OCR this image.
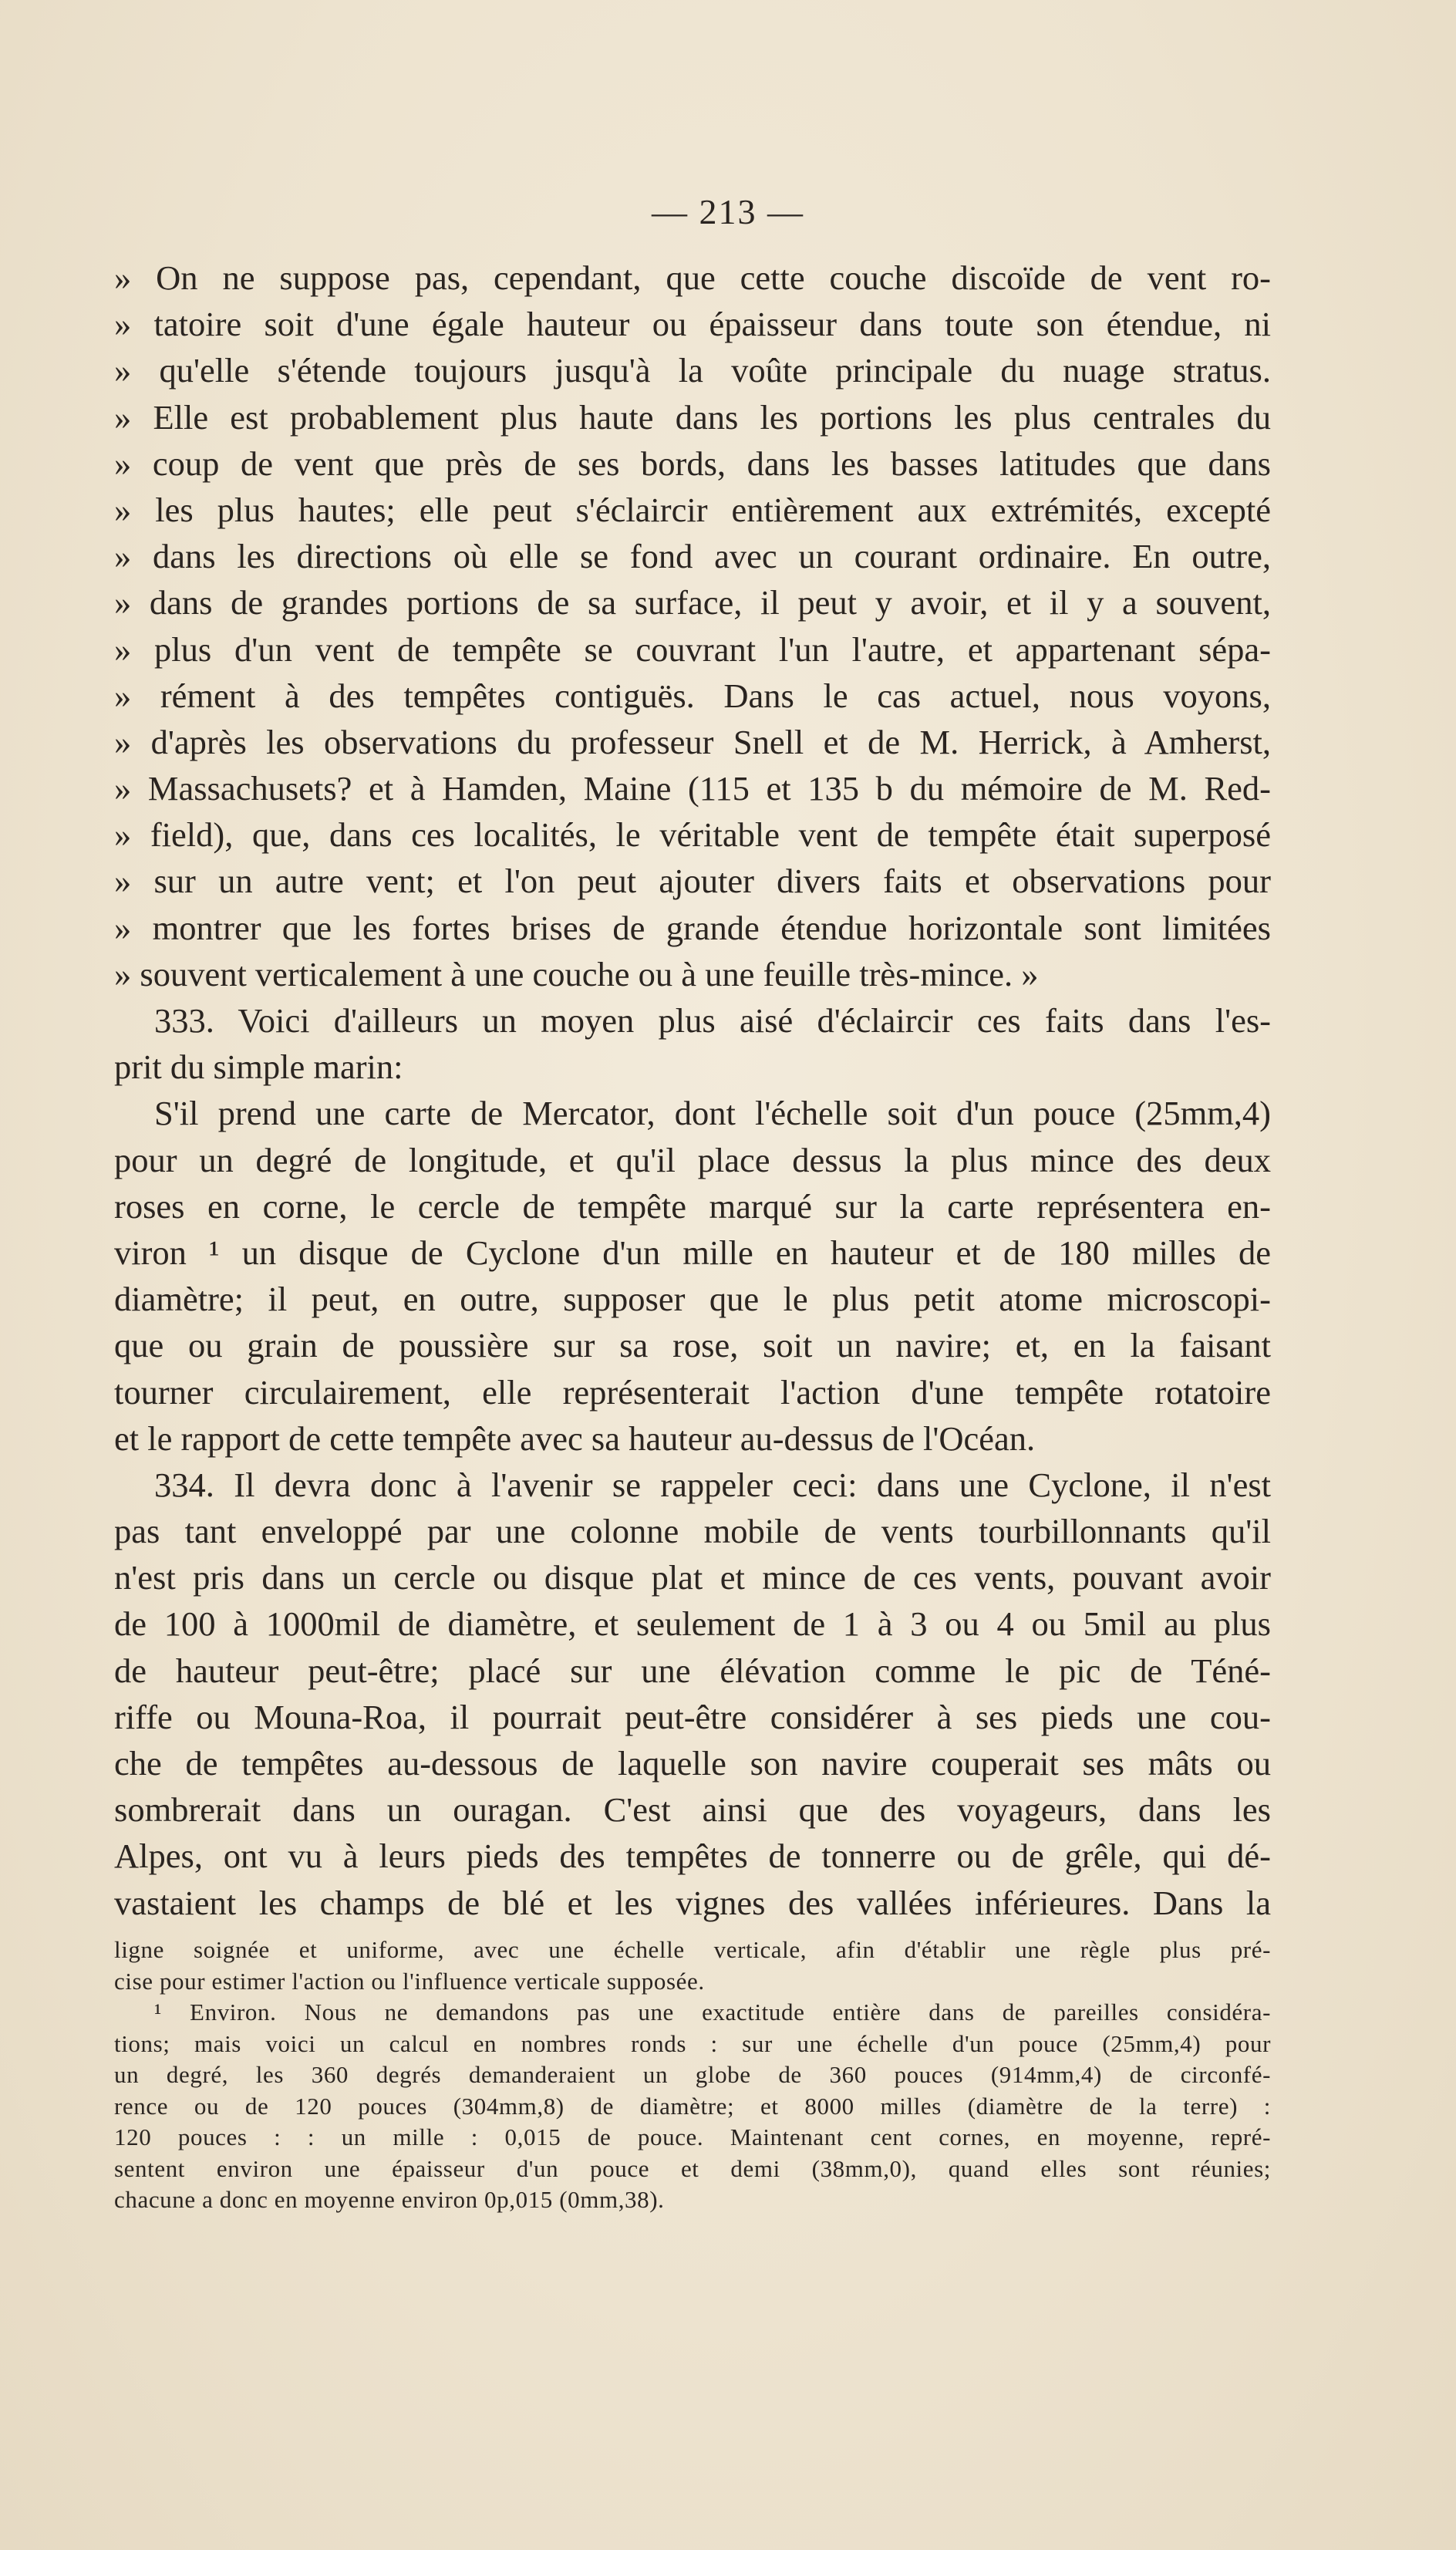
— 213 —
» On ne suppose pas, cependant, que cette couche discoïde de vent ro-
» tatoire soit d'une égale hauteur ou épaisseur dans toute son étendue, ni
» qu'elle s'étende toujours jusqu'à la voûte principale du nuage stratus.
» Elle est probablement plus haute dans les portions les plus centrales du
» coup de vent que près de ses bords, dans les basses latitudes que dans
» les plus hautes; elle peut s'éclaircir entièrement aux extrémités, excepté
» dans les directions où elle se fond avec un courant ordinaire. En outre,
» dans de grandes portions de sa surface, il peut y avoir, et il y a souvent,
» plus d'un vent de tempête se couvrant l'un l'autre, et appartenant sépa-
» rément à des tempêtes contiguës. Dans le cas actuel, nous voyons,
» d'après les observations du professeur Snell et de M. Herrick, à Amherst,
» Massachusets? et à Hamden, Maine (115 et 135 b du mémoire de M. Red-
» field), que, dans ces localités, le véritable vent de tempête était superposé
» sur un autre vent; et l'on peut ajouter divers faits et observations pour
» montrer que les fortes brises de grande étendue horizontale sont limitées
» souvent verticalement à une couche ou à une feuille très-mince. »
333. Voici d'ailleurs un moyen plus aisé d'éclaircir ces faits dans l'es-
prit du simple marin:
S'il prend une carte de Mercator, dont l'échelle soit d'un pouce (25mm,4)
pour un degré de longitude, et qu'il place dessus la plus mince des deux
roses en corne, le cercle de tempête marqué sur la carte représentera en-
viron ¹ un disque de Cyclone d'un mille en hauteur et de 180 milles de
diamètre; il peut, en outre, supposer que le plus petit atome microscopi-
que ou grain de poussière sur sa rose, soit un navire; et, en la faisant
tourner circulairement, elle représenterait l'action d'une tempête rotatoire
et le rapport de cette tempête avec sa hauteur au-dessus de l'Océan.
334. Il devra donc à l'avenir se rappeler ceci: dans une Cyclone, il n'est
pas tant enveloppé par une colonne mobile de vents tourbillonnants qu'il
n'est pris dans un cercle ou disque plat et mince de ces vents, pouvant avoir
de 100 à 1000mil de diamètre, et seulement de 1 à 3 ou 4 ou 5mil au plus
de hauteur peut-être; placé sur une élévation comme le pic de Téné-
riffe ou Mouna-Roa, il pourrait peut-être considérer à ses pieds une cou-
che de tempêtes au-dessous de laquelle son navire couperait ses mâts ou
sombrerait dans un ouragan. C'est ainsi que des voyageurs, dans les
Alpes, ont vu à leurs pieds des tempêtes de tonnerre ou de grêle, qui dé-
vastaient les champs de blé et les vignes des vallées inférieures. Dans la
ligne soignée et uniforme, avec une échelle verticale, afin d'établir une règle plus pré-
cise pour estimer l'action ou l'influence verticale supposée.
¹ Environ. Nous ne demandons pas une exactitude entière dans de pareilles considéra-
tions; mais voici un calcul en nombres ronds : sur une échelle d'un pouce (25mm,4) pour
un degré, les 360 degrés demanderaient un globe de 360 pouces (914mm,4) de circonfé-
rence ou de 120 pouces (304mm,8) de diamètre; et 8000 milles (diamètre de la terre) :
120 pouces : : un mille : 0,015 de pouce. Maintenant cent cornes, en moyenne, repré-
sentent environ une épaisseur d'un pouce et demi (38mm,0), quand elles sont réunies;
chacune a donc en moyenne environ 0p,015 (0mm,38).
